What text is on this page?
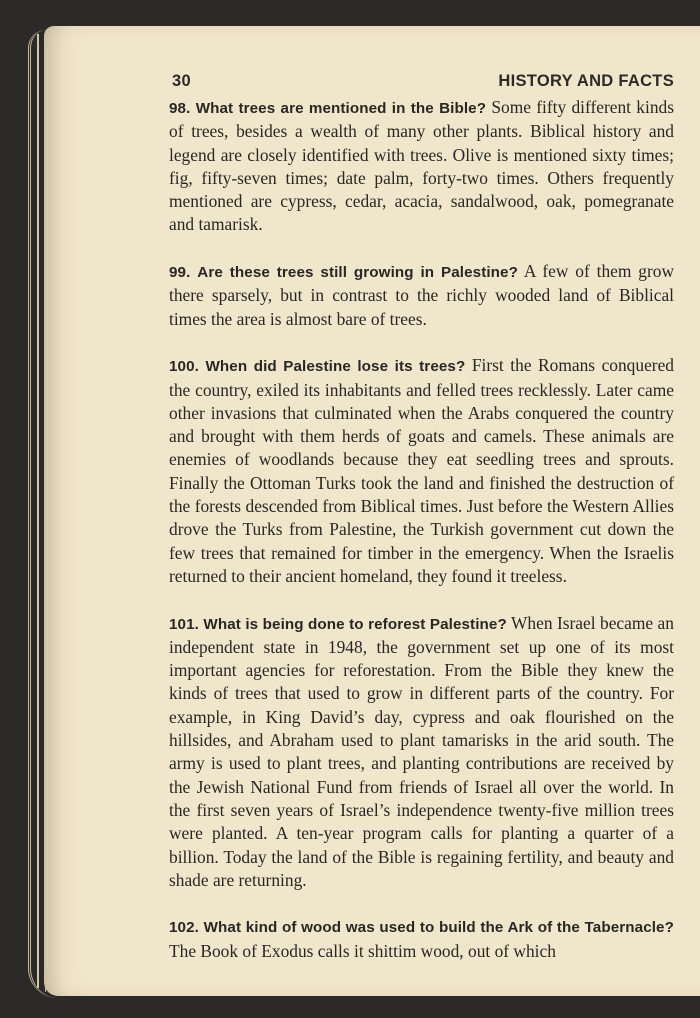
30	HISTORY AND FACTS

98. What trees are mentioned in the Bible? Some fifty different kinds of trees, besides a wealth of many other plants. Biblical history and legend are closely identified with trees. Olive is mentioned sixty times; fig, fifty-seven times; date palm, forty-two times. Others frequently mentioned are cypress, cedar, acacia, sandalwood, oak, pomegranate and tamarisk.

99. Are these trees still growing in Palestine? A few of them grow there sparsely, but in contrast to the richly wooded land of Biblical times the area is almost bare of trees.

100. When did Palestine lose its trees? First the Romans conquered the country, exiled its inhabitants and felled trees recklessly. Later came other invasions that culminated when the Arabs conquered the country and brought with them herds of goats and camels. These animals are enemies of woodlands because they eat seedling trees and sprouts. Finally the Ottoman Turks took the land and finished the destruction of the forests descended from Biblical times. Just before the Western Allies drove the Turks from Palestine, the Turkish government cut down the few trees that remained for timber in the emergency. When the Israelis returned to their ancient homeland, they found it treeless.

101. What is being done to reforest Palestine? When Israel became an independent state in 1948, the government set up one of its most important agencies for reforestation. From the Bible they knew the kinds of trees that used to grow in different parts of the country. For example, in King David’s day, cypress and oak flourished on the hillsides, and Abraham used to plant tamarisks in the arid south. The army is used to plant trees, and planting contributions are received by the Jewish National Fund from friends of Israel all over the world. In the first seven years of Israel’s independence twenty-five million trees were planted. A ten-year program calls for planting a quarter of a billion. Today the land of the Bible is regaining fertility, and beauty and shade are returning.

102. What kind of wood was used to build the Ark of the Tabernacle? The Book of Exodus calls it shittim wood, out of which
